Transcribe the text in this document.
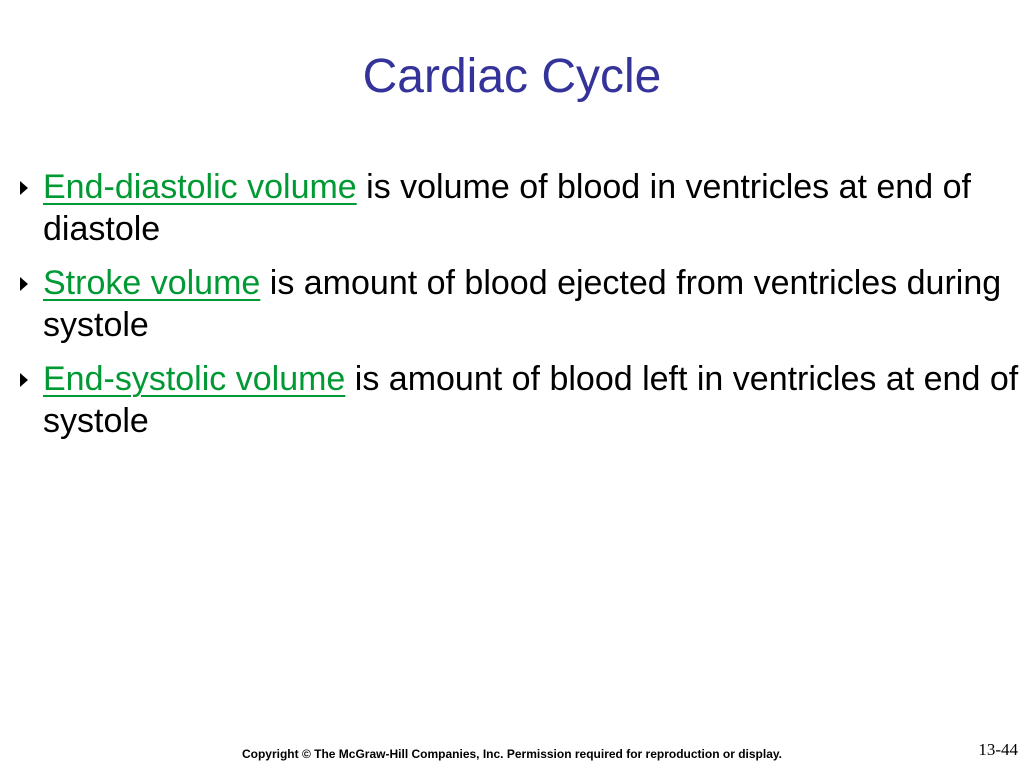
Cardiac Cycle
End-diastolic volume is volume of blood in ventricles at end of diastole
Stroke volume is amount of blood ejected from ventricles during systole
End-systolic volume is amount of blood left in ventricles at end of systole
Copyright © The McGraw-Hill Companies, Inc. Permission required for reproduction or display.	13-44
